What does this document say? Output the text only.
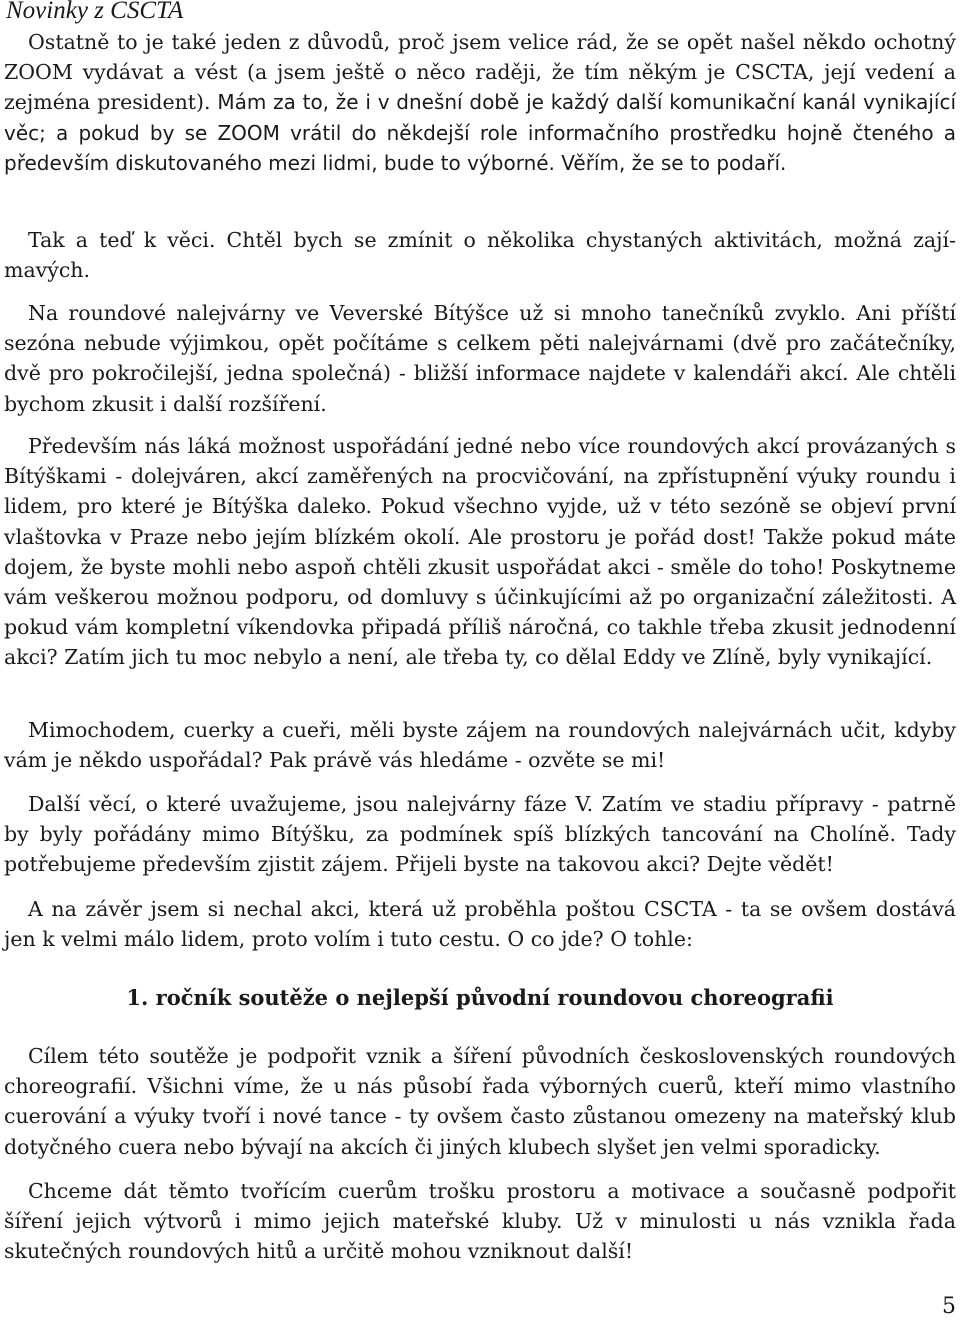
Novinky z CSCTA

Ostatně to je také jeden z důvodů, proč jsem velice rád, že se opět našel někdo ochotný ZOOM vydávat a vést (a jsem ještě o něco raději, že tím někým je CSCTA, její vedení a zejména president). Mám za to, že i v dnešní době je každý další komunikační kanál vynikající věc; a pokud by se ZOOM vrátil do někdejší role informačního prostředku hojně čteného a především diskutovaného mezi lidmi, bude to výborné. Věřím, že se to podaří.

Tak a teď k věci. Chtěl bych se zmínit o několika chystaných aktivitách, možná zajímavých.

Na roundové nalejvárny ve Veverské Bítýšce už si mnoho tanečníků zvyklo. Ani příští sezóna nebude výjimkou, opět počítáme s celkem pěti nalejvárnami (dvě pro začátečníky, dvě pro pokročilejší, jedna společná) - bližší informace najdete v kalendáři akcí. Ale chtěli bychom zkusit i další rozšíření.

Především nás láká možnost uspořádání jedné nebo více roundových akcí provázaných s Bítýškami - dolejváren, akcí zaměřených na procvičování, na zpřístupnění výuky roundu i lidem, pro které je Bítýška daleko. Pokud všechno vyjde, už v této sezóně se objeví první vlaštovka v Praze nebo jejím blízkém okolí. Ale prostoru je pořád dost! Takže pokud máte dojem, že byste mohli nebo aspoň chtěli zkusit uspořádat akci - směle do toho! Poskytneme vám veškerou možnou podporu, od domluvy s účinkujícími až po organizační záležitosti. A pokud vám kompletní víkendovka připadá příliš náročná, co takhle třeba zkusit jednodenní akci? Zatím jich tu moc nebylo a není, ale třeba ty, co dělal Eddy ve Zlíně, byly vynikající.

Mimochodem, cuerky a cueři, měli byste zájem na roundových nalejvárnách učit, kdyby vám je někdo uspořádal? Pak právě vás hledáme - ozvěte se mi!

Další věcí, o které uvažujeme, jsou nalejvárny fáze V. Zatím ve stadiu přípravy - patrně by byly pořádány mimo Bítýšku, za podmínek spíš blízkých tancování na Cholíně. Tady potřebujeme především zjistit zájem. Přijeli byste na takovou akci? Dejte vědět!

A na závěr jsem si nechal akci, která už proběhla poštou CSCTA - ta se ovšem dostává jen k velmi málo lidem, proto volím i tuto cestu. O co jde? O tohle:

1. ročník soutěže o nejlepší původní roundovou choreografii

Cílem této soutěže je podpořit vznik a šíření původních československých roundových choreografií. Všichni víme, že u nás působí řada výborných cuerů, kteří mimo vlastního cuerování a výuky tvoří i nové tance - ty ovšem často zůstanou omezeny na mateřský klub dotyčného cuera nebo bývají na akcích či jiných klubech slyšet jen velmi sporadicky.

Chceme dát těmto tvořícím cuerům trošku prostoru a motivace a současně podpořit šíření jejich výtvorů i mimo jejich mateřské kluby. Už v minulosti u nás vznikla řada skutečných roundových hitů a určitě mohou vzniknout další!

5
